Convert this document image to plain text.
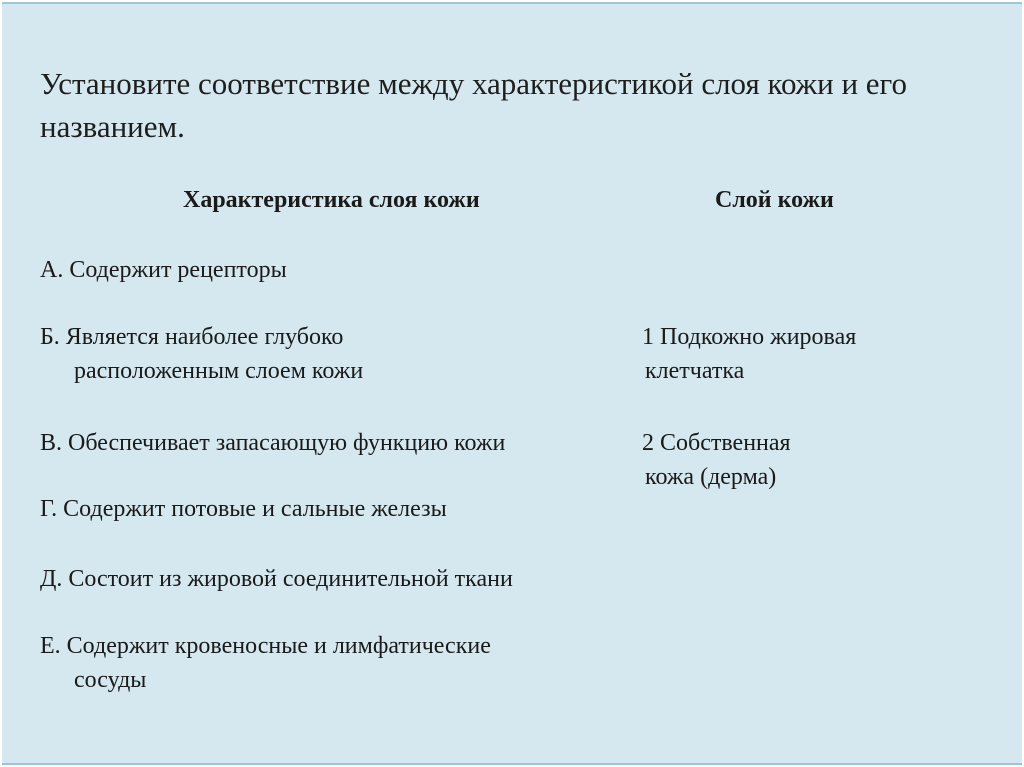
Установите соответствие между характеристикой слоя кожи и его названием.
Характеристика слоя кожи	Слой кожи
А. Содержит рецепторы
Б. Является наиболее глубоко
расположенным слоем кожи
В. Обеспечивает запасающую функцию кожи
Г. Содержит потовые и сальные железы
Д. Состоит из жировой соединительной ткани
Е. Содержит кровеносные и лимфатические
сосуды
1 Подкожно жировая
клетчатка
2 Собственная
кожа (дерма)
